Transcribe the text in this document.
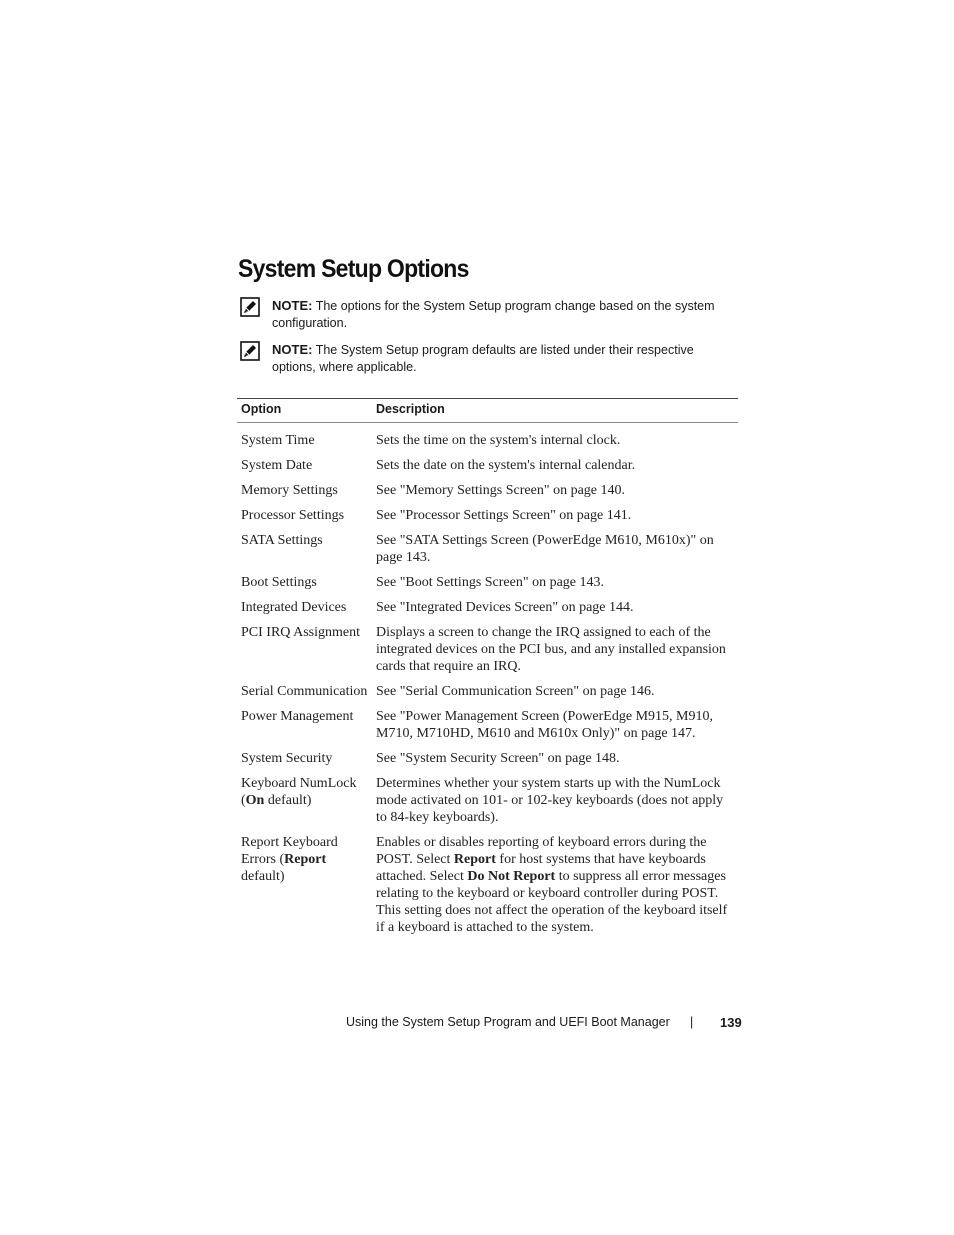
System Setup Options
NOTE: The options for the System Setup program change based on the system configuration.
NOTE: The System Setup program defaults are listed under their respective options, where applicable.
Option	Description
System Time	Sets the time on the system's internal clock.
System Date	Sets the date on the system's internal calendar.
Memory Settings	See "Memory Settings Screen" on page 140.
Processor Settings	See "Processor Settings Screen" on page 141.
SATA Settings	See "SATA Settings Screen (PowerEdge M610, M610x)" on page 143.
Boot Settings	See "Boot Settings Screen" on page 143.
Integrated Devices	See "Integrated Devices Screen" on page 144.
PCI IRQ Assignment	Displays a screen to change the IRQ assigned to each of the integrated devices on the PCI bus, and any installed expansion cards that require an IRQ.
Serial Communication	See "Serial Communication Screen" on page 146.
Power Management	See "Power Management Screen (PowerEdge M915, M910, M710, M710HD, M610 and M610x Only)" on page 147.
System Security	See "System Security Screen" on page 148.
Keyboard NumLock (On default)	Determines whether your system starts up with the NumLock mode activated on 101- or 102-key keyboards (does not apply to 84-key keyboards).
Report Keyboard Errors (Report default)	Enables or disables reporting of keyboard errors during the POST. Select Report for host systems that have keyboards attached. Select Do Not Report to suppress all error messages relating to the keyboard or keyboard controller during POST. This setting does not affect the operation of the keyboard itself if a keyboard is attached to the system.
Using the System Setup Program and UEFI Boot Manager | 139
